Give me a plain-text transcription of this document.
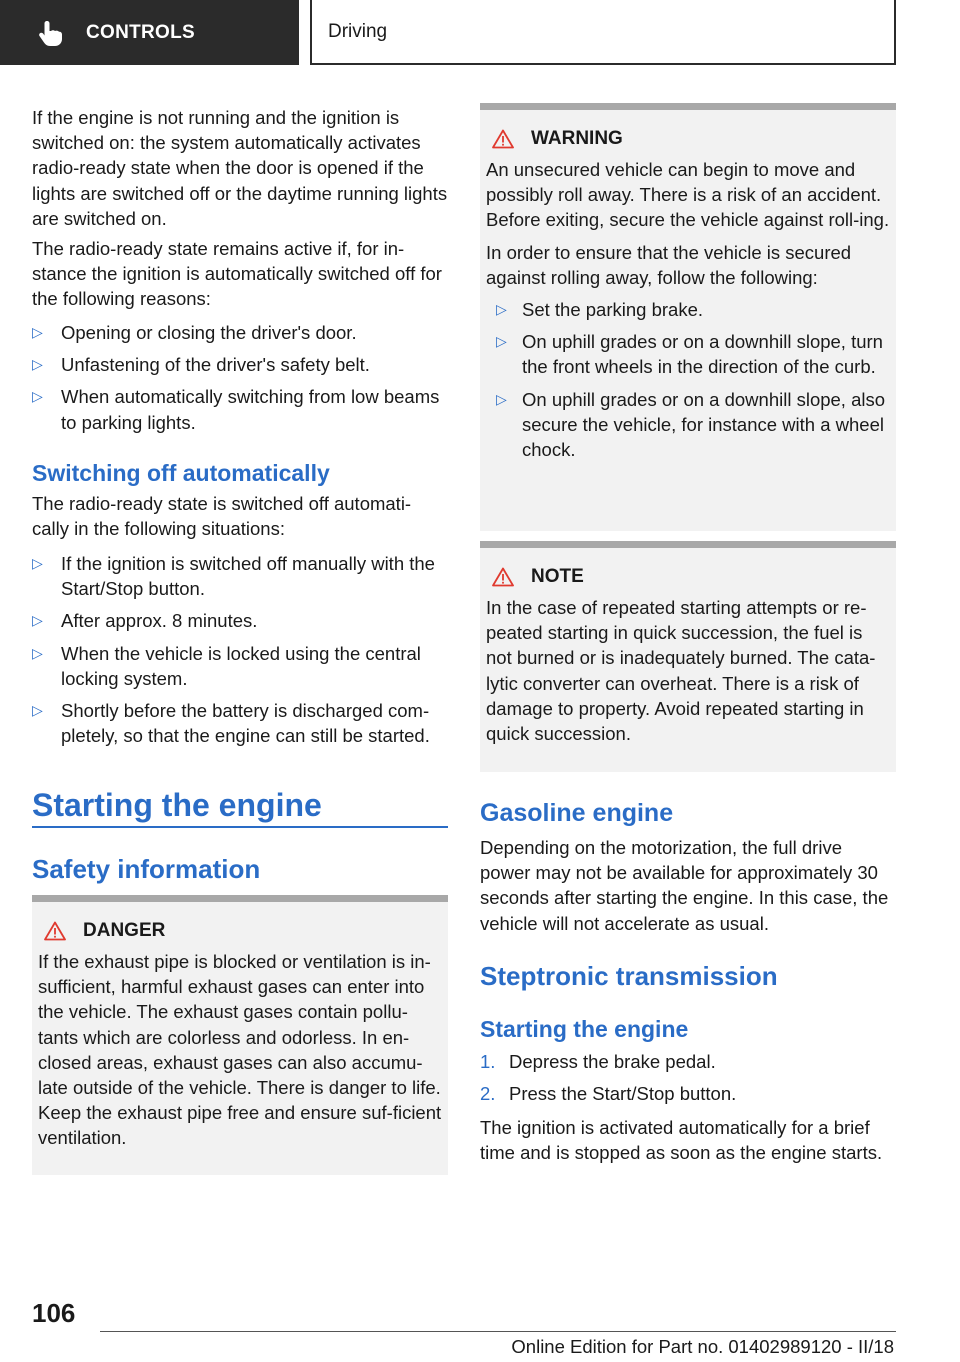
CONTROLS	Driving

If the engine is not running and the ignition is switched on: the system automatically activates radio-ready state when the door is opened if the lights are switched off or the daytime running lights are switched on.

The radio-ready state remains active if, for in-stance the ignition is automatically switched off for the following reasons:

▷ Opening or closing the driver's door.
▷ Unfastening of the driver's safety belt.
▷ When automatically switching from low beams to parking lights.
Switching off automatically

The radio-ready state is switched off automati-cally in the following situations:

▷ If the ignition is switched off manually with the Start/Stop button.
▷ After approx. 8 minutes.
▷ When the vehicle is locked using the central locking system.
▷ Shortly before the battery is discharged com-pletely, so that the engine can still be started.
Starting the engine
Safety information
DANGER

If the exhaust pipe is blocked or ventilation is in-sufficient, harmful exhaust gases can enter into the vehicle. The exhaust gases contain pollu-tants which are colorless and odorless. In en-closed areas, exhaust gases can also accumu-late outside of the vehicle. There is danger to life. Keep the exhaust pipe free and ensure suf-ficient ventilation.

WARNING

An unsecured vehicle can begin to move and possibly roll away. There is a risk of an accident. Before exiting, secure the vehicle against roll-ing.

In order to ensure that the vehicle is secured against rolling away, follow the following:

▷ Set the parking brake.
▷ On uphill grades or on a downhill slope, turn the front wheels in the direction of the curb.
▷ On uphill grades or on a downhill slope, also secure the vehicle, for instance with a wheel chock.
NOTE

In the case of repeated starting attempts or re-peated starting in quick succession, the fuel is not burned or is inadequately burned. The cata-lytic converter can overheat. There is a risk of damage to property. Avoid repeated starting in quick succession.

Gasoline engine

Depending on the motorization, the full drive power may not be available for approximately 30 seconds after starting the engine. In this case, the vehicle will not accelerate as usual.

Steptronic transmission
Starting the engine
1. Depress the brake pedal.
2. Press the Start/Stop button.

The ignition is activated automatically for a brief time and is stopped as soon as the engine starts.

106
Online Edition for Part no. 01402989120 - II/18
